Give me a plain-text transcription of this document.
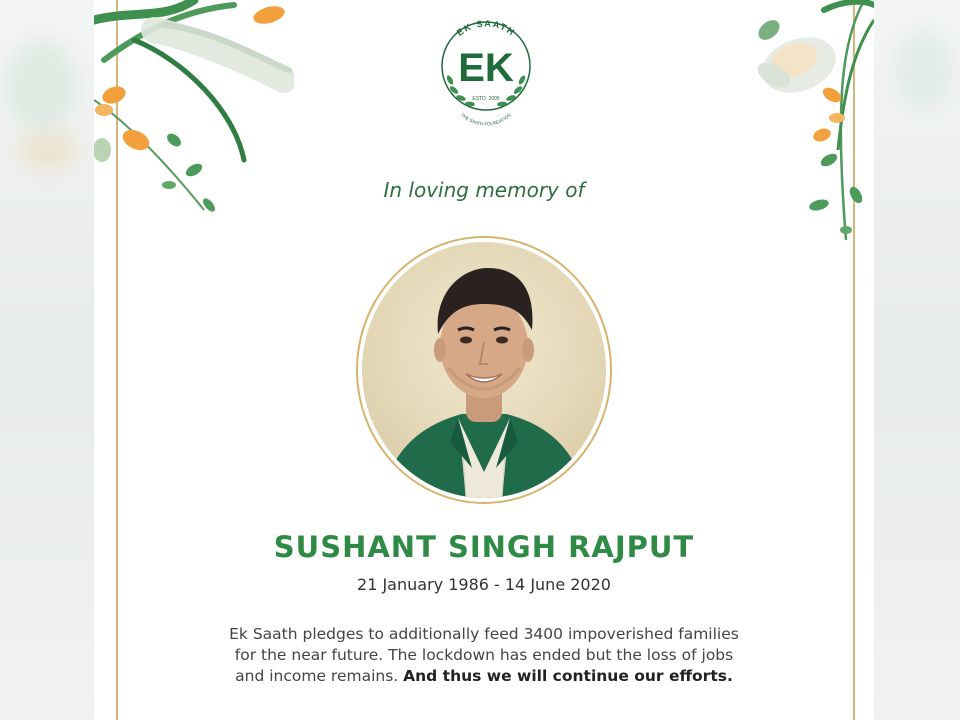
EK SAATH
ESTD. 2005
THE SAATH FOUNDATION
EK
In loving memory of
SUSHANT SINGH RAJPUT
21 January 1986 - 14 June 2020
Ek Saath pledges to additionally feed 3400 impoverished families
for the near future. The lockdown has ended but the loss of jobs
and income remains. And thus we will continue our efforts.
